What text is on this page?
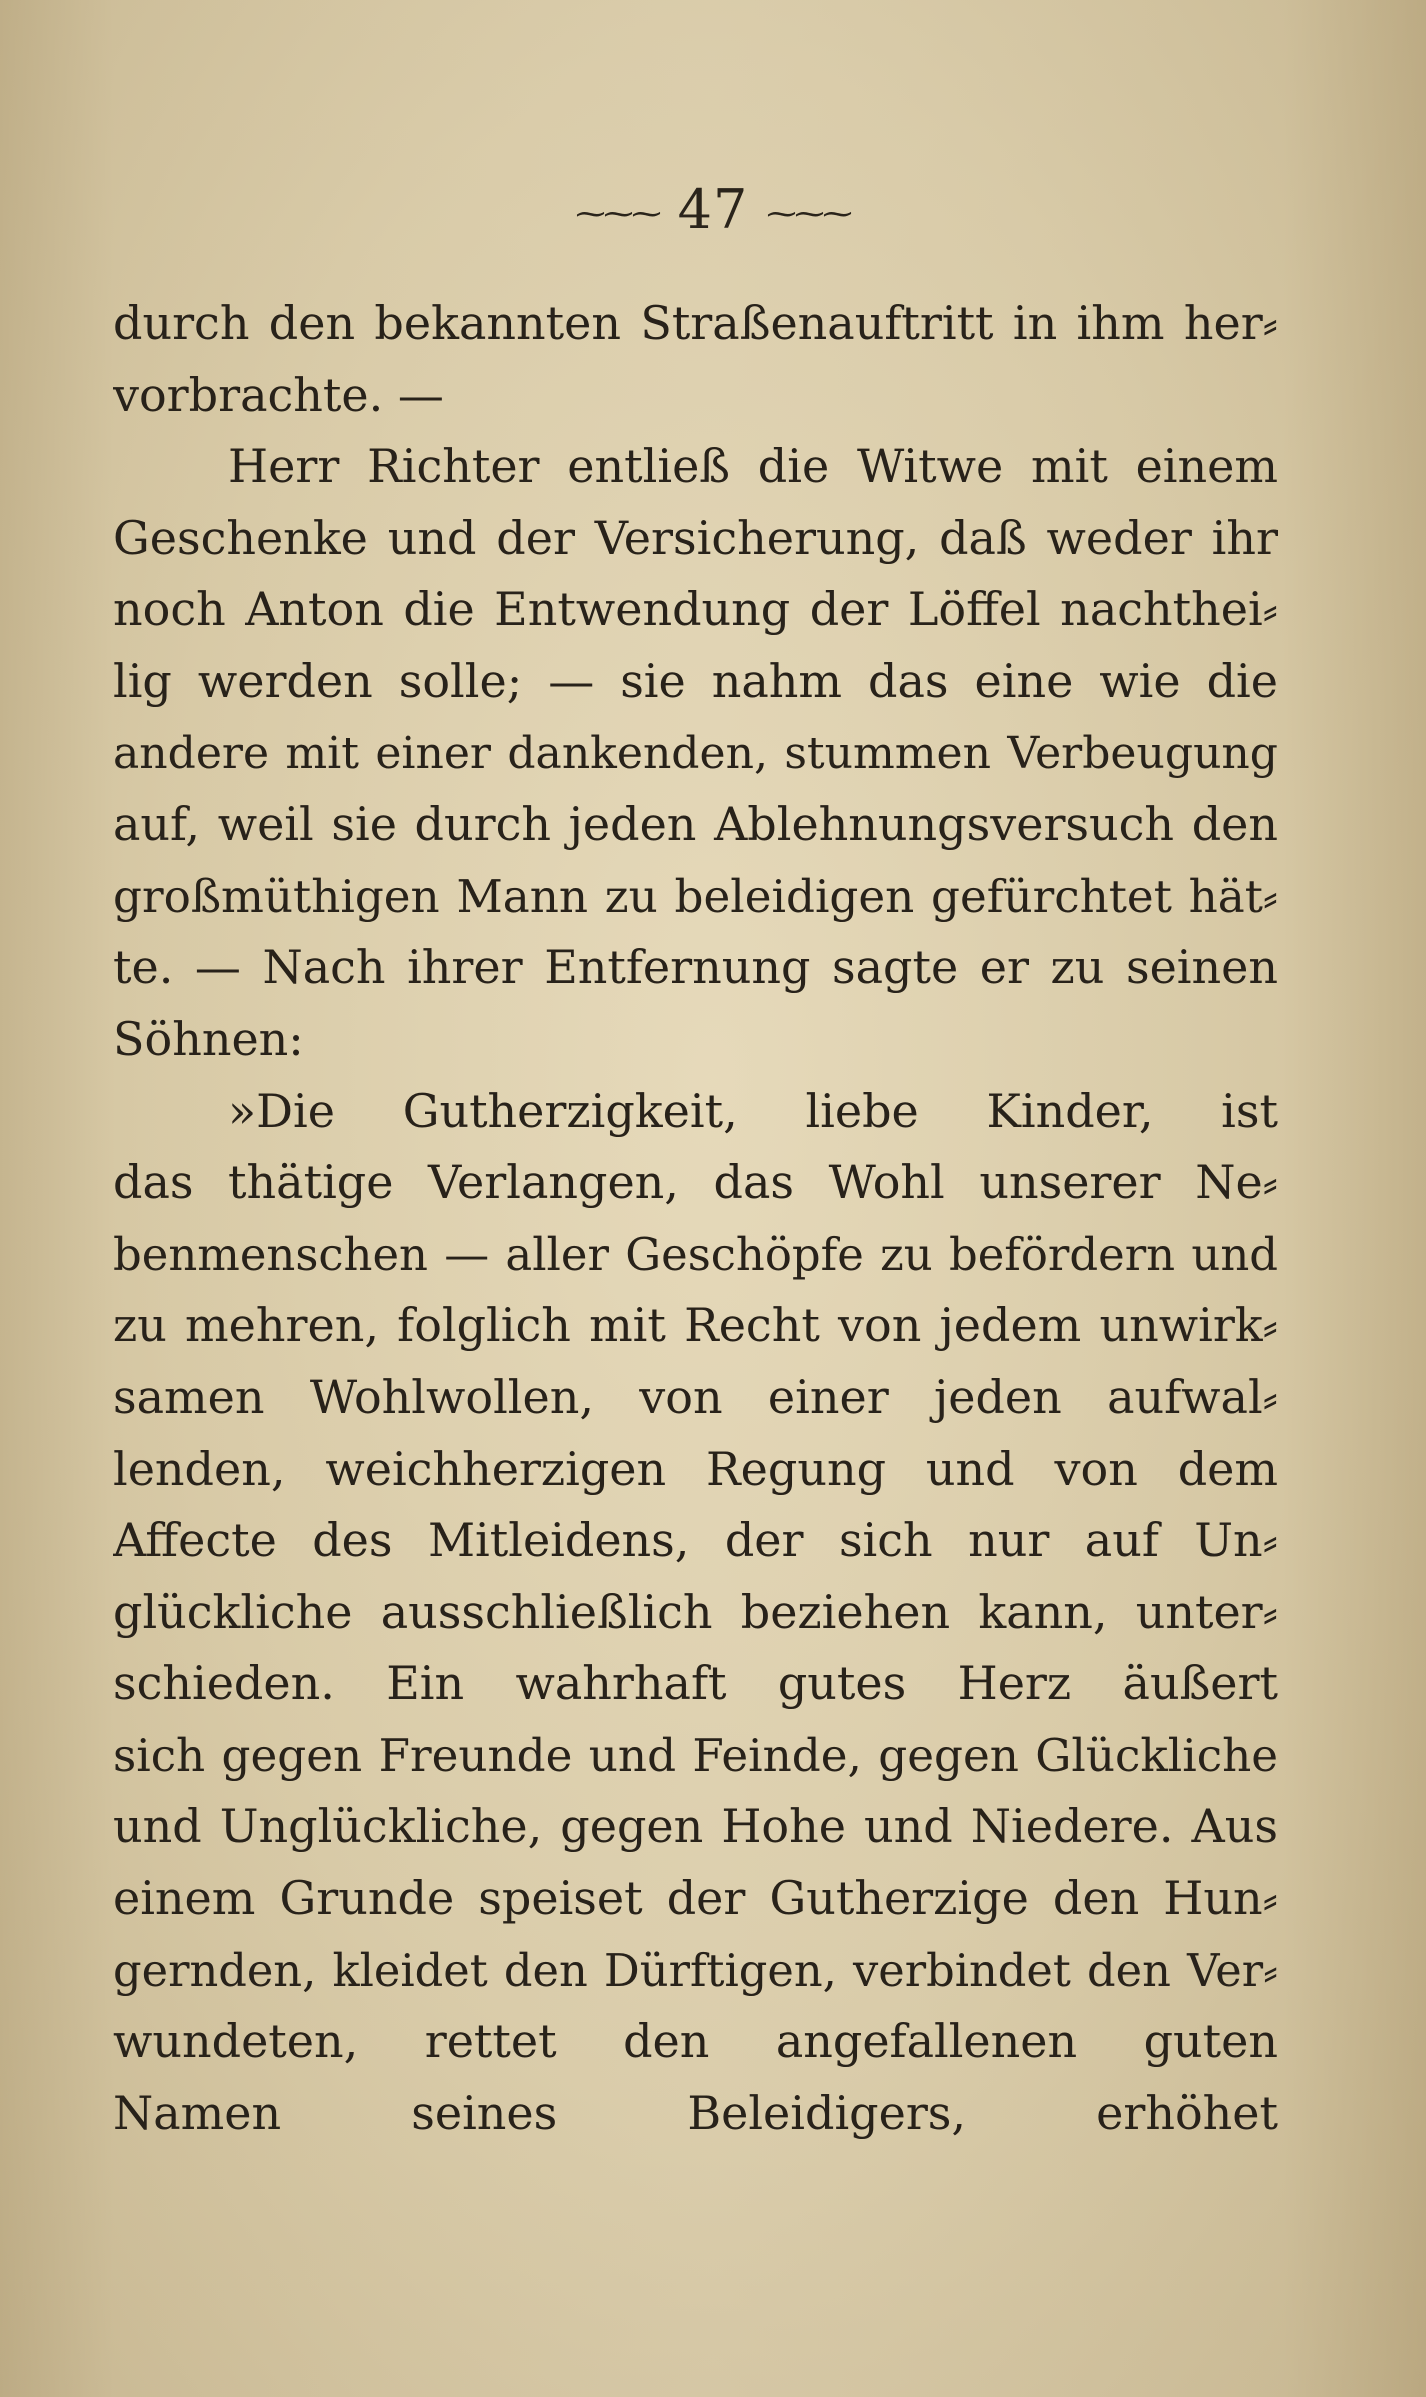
⁓⁓⁓ 47 ⁓⁓⁓
durch den bekannten Straßenauftritt in ihm her⸗
vorbrachte. —
Herr Richter entließ die Witwe mit einem
Geschenke und der Versicherung, daß weder ihr
noch Anton die Entwendung der Löffel nachthei⸗
lig werden solle; — sie nahm das eine wie die
andere mit einer dankenden, stummen Verbeugung
auf, weil sie durch jeden Ablehnungsversuch den
großmüthigen Mann zu beleidigen gefürchtet hät⸗
te. — Nach ihrer Entfernung sagte er zu seinen
Söhnen:
»Die Gutherzigkeit, liebe Kinder, ist
das thätige Verlangen, das Wohl unserer Ne⸗
benmenschen — aller Geschöpfe zu befördern und
zu mehren, folglich mit Recht von jedem unwirk⸗
samen Wohlwollen, von einer jeden aufwal⸗
lenden, weichherzigen Regung und von dem
Affecte des Mitleidens, der sich nur auf Un⸗
glückliche ausschließlich beziehen kann, unter⸗
schieden. Ein wahrhaft gutes Herz äußert
sich gegen Freunde und Feinde, gegen Glückliche
und Unglückliche, gegen Hohe und Niedere. Aus
einem Grunde speiset der Gutherzige den Hun⸗
gernden, kleidet den Dürftigen, verbindet den Ver⸗
wundeten, rettet den angefallenen guten
Namen seines Beleidigers, erhöhet
